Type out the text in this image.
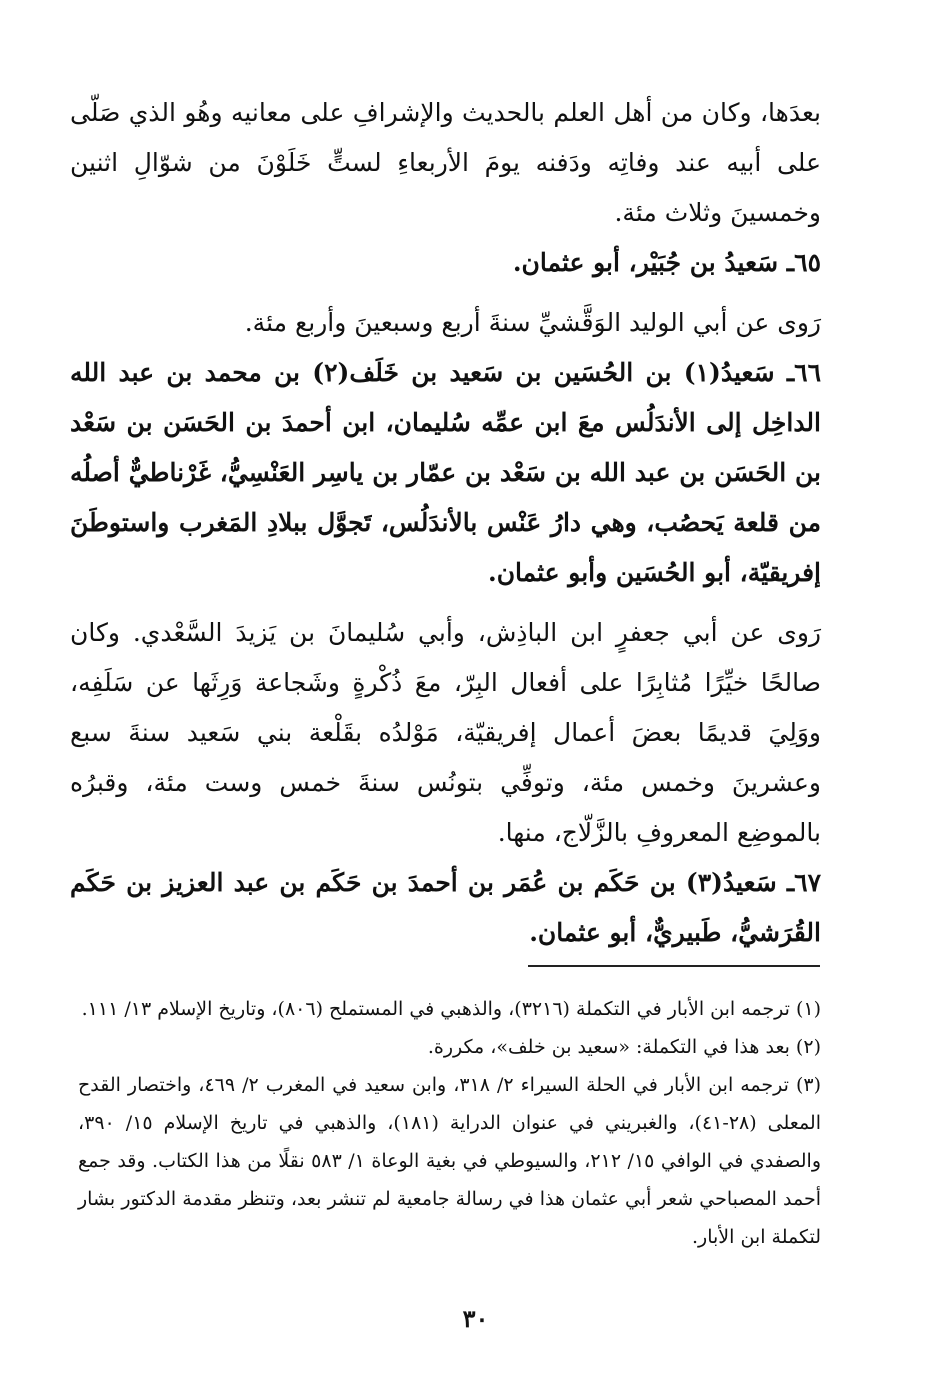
بعدَها، وكان من أهل العلم بالحديث والإشرافِ على معانيه وهُو الذي صَلّى على أبيه عند وفاتِه ودَفنه يومَ الأربعاءِ لستٍّ خَلَوْنَ من شوّالِ اثنين وخمسينَ وثلاث مئة.

٦٥ـ سَعيدُ بن جُبَيْر، أبو عثمان.

رَوى عن أبي الوليد الوَقَّشيِّ سنةَ أربع وسبعينَ وأربع مئة.

٦٦ـ سَعيدُ(١) بن الحُسَين بن سَعيد بن خَلَف(٢) بن محمد بن عبد الله الداخِل إلى الأندَلُس معَ ابن عمِّه سُليمان، ابن أحمدَ بن الحَسَن بن سَعْد بن الحَسَن بن عبد الله بن سَعْد بن عمّار بن ياسِر العَنْسِيُّ، غَرْناطيٌّ أصلُه من قلعة يَحصُب، وهي دارُ عَنْس بالأندَلُس، تَجوَّل ببلادِ المَغرب واستوطَنَ إفريقيّة، أبو الحُسَين وأبو عثمان.

رَوى عن أبي جعفرٍ ابن الباذِش، وأبي سُليمانَ بن يَزيدَ السَّعْدي. وكان صالحًا خيِّرًا مُثابِرًا على أفعال البِرّ، معَ ذُكْرةٍ وشَجاعة وَرِثَها عن سَلَفِه، ووَلِيَ قديمًا بعضَ أعمال إفريقيّة، مَوْلدُه بقَلْعة بني سَعيد سنةَ سبع وعشرينَ وخمس مئة، وتوفِّي بتونُس سنةَ خمس وست مئة، وقبرُه بالموضِع المعروفِ بالزَّلّاج، منها.

٦٧ـ سَعيدُ(٣) بن حَكَم بن عُمَر بن أحمدَ بن حَكَم بن عبد العزيز بن حَكَم القُرَشيُّ، طَبيريٌّ، أبو عثمان.

(١) ترجمه ابن الأبار في التكملة (٣٢١٦)، والذهبي في المستملح (٨٠٦)، وتاريخ الإسلام ١٣/ ١١١.

(٢) بعد هذا في التكملة: «سعيد بن خلف»، مكررة.

(٣) ترجمه ابن الأبار في الحلة السيراء ٢/ ٣١٨، وابن سعيد في المغرب ٢/ ٤٦٩، واختصار القدح المعلى (٢٨-٤١)، والغبريني في عنوان الدراية (١٨١)، والذهبي في تاريخ الإسلام ١٥/ ٣٩٠، والصفدي في الوافي ١٥/ ٢١٢، والسيوطي في بغية الوعاة ١/ ٥٨٣ نقلًا من هذا الكتاب. وقد جمع أحمد المصباحي شعر أبي عثمان هذا في رسالة جامعية لم تنشر بعد، وتنظر مقدمة الدكتور بشار لتكملة ابن الأبار.

٣٠
